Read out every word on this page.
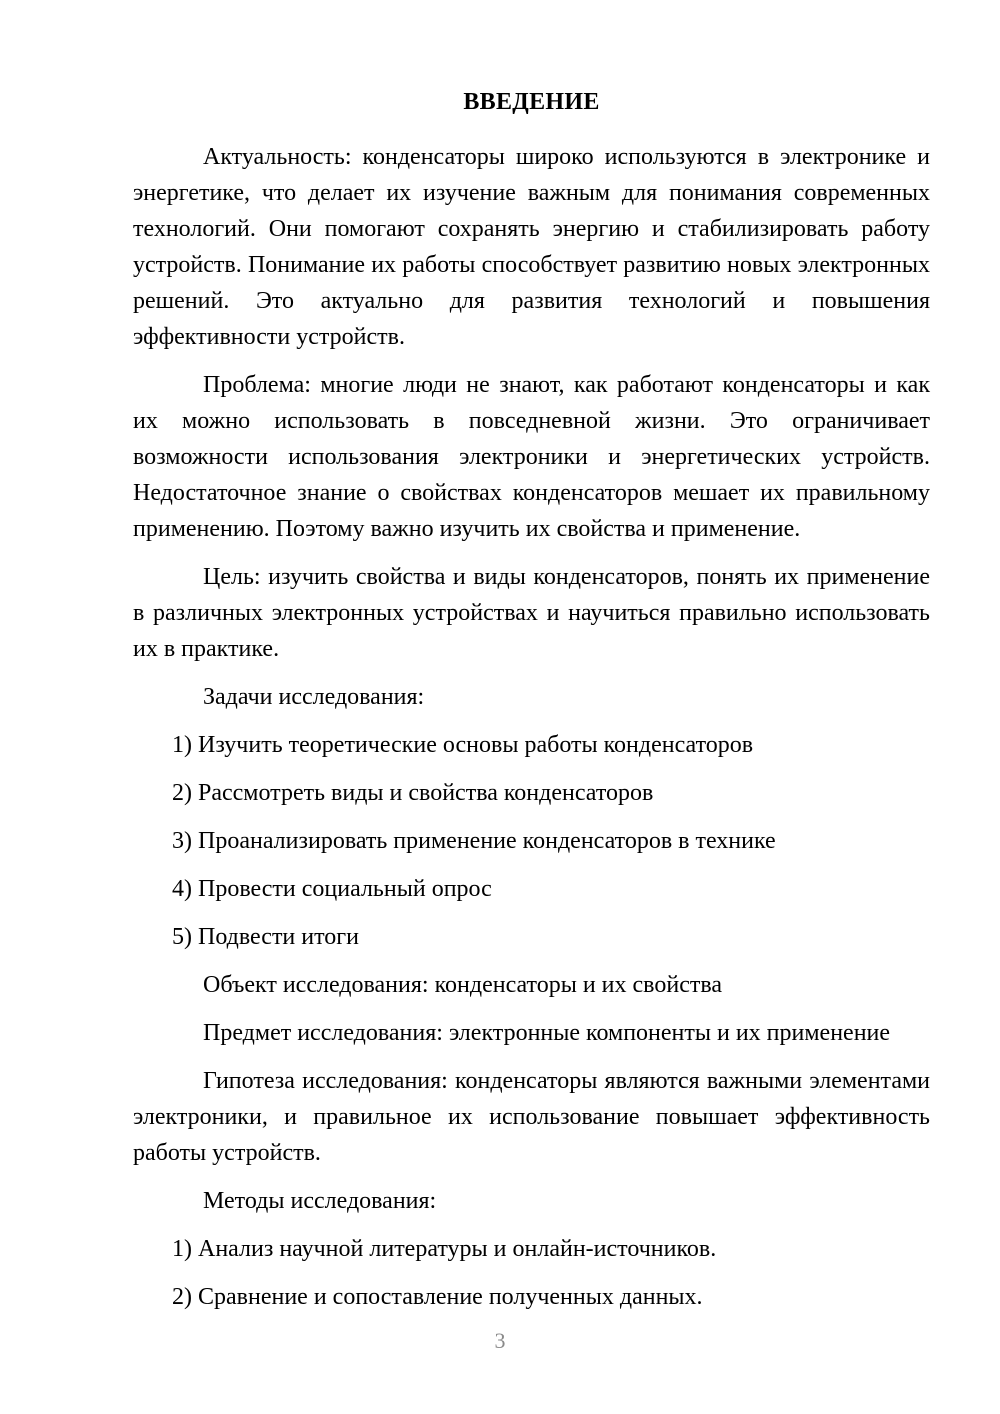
ВВЕДЕНИЕ

Актуальность: конденсаторы широко используются в электронике и энергетике, что делает их изучение важным для понимания современных технологий. Они помогают сохранять энергию и стабилизировать работу устройств. Понимание их работы способствует развитию новых электронных решений. Это актуально для развития технологий и повышения эффективности устройств.

Проблема: многие люди не знают, как работают конденсаторы и как их можно использовать в повседневной жизни. Это ограничивает возможности использования электроники и энергетических устройств. Недостаточное знание о свойствах конденсаторов мешает их правильному применению. Поэтому важно изучить их свойства и применение.

Цель: изучить свойства и виды конденсаторов, понять их применение в различных электронных устройствах и научиться правильно использовать их в практике.

Задачи исследования:

1) Изучить теоретические основы работы конденсаторов
2) Рассмотреть виды и свойства конденсаторов
3) Проанализировать применение конденсаторов в технике
4) Провести социальный опрос
5) Подвести итоги

Объект исследования: конденсаторы и их свойства

Предмет исследования: электронные компоненты и их применение

Гипотеза исследования: конденсаторы являются важными элементами электроники, и правильное их использование повышает эффективность работы устройств.

Методы исследования:

1) Анализ научной литературы и онлайн-источников.
2) Сравнение и сопоставление полученных данных.
3
